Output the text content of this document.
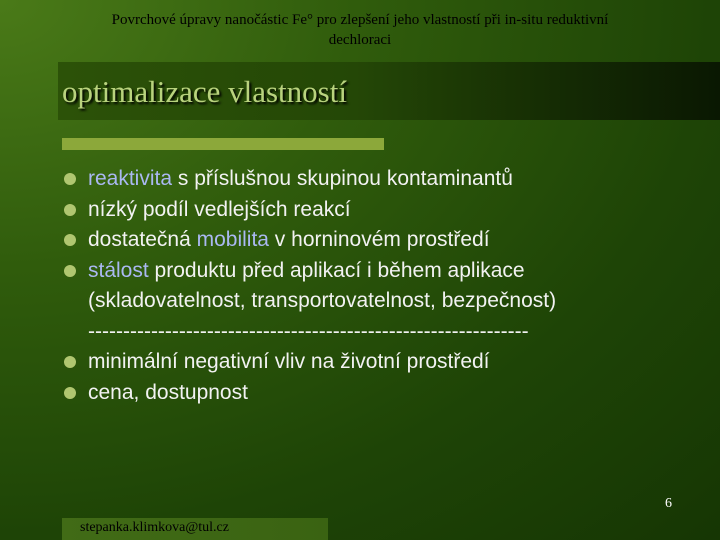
Povrchové úpravy nanočástic Fe° pro zlepšení jeho vlastností při in-situ reduktivní
dechloraci
optimalizace vlastností
reaktivita s příslušnou skupinou kontaminantů
nízký podíl vedlejších reakcí
dostatečná mobilita v horninovém prostředí
stálost produktu před aplikací i během aplikace
(skladovatelnost, transportovatelnost, bezpečnost)
---------------------------------------------------------------
minimální negativní vliv na životní prostředí
cena, dostupnost
6
stepanka.klimkova@tul.cz
